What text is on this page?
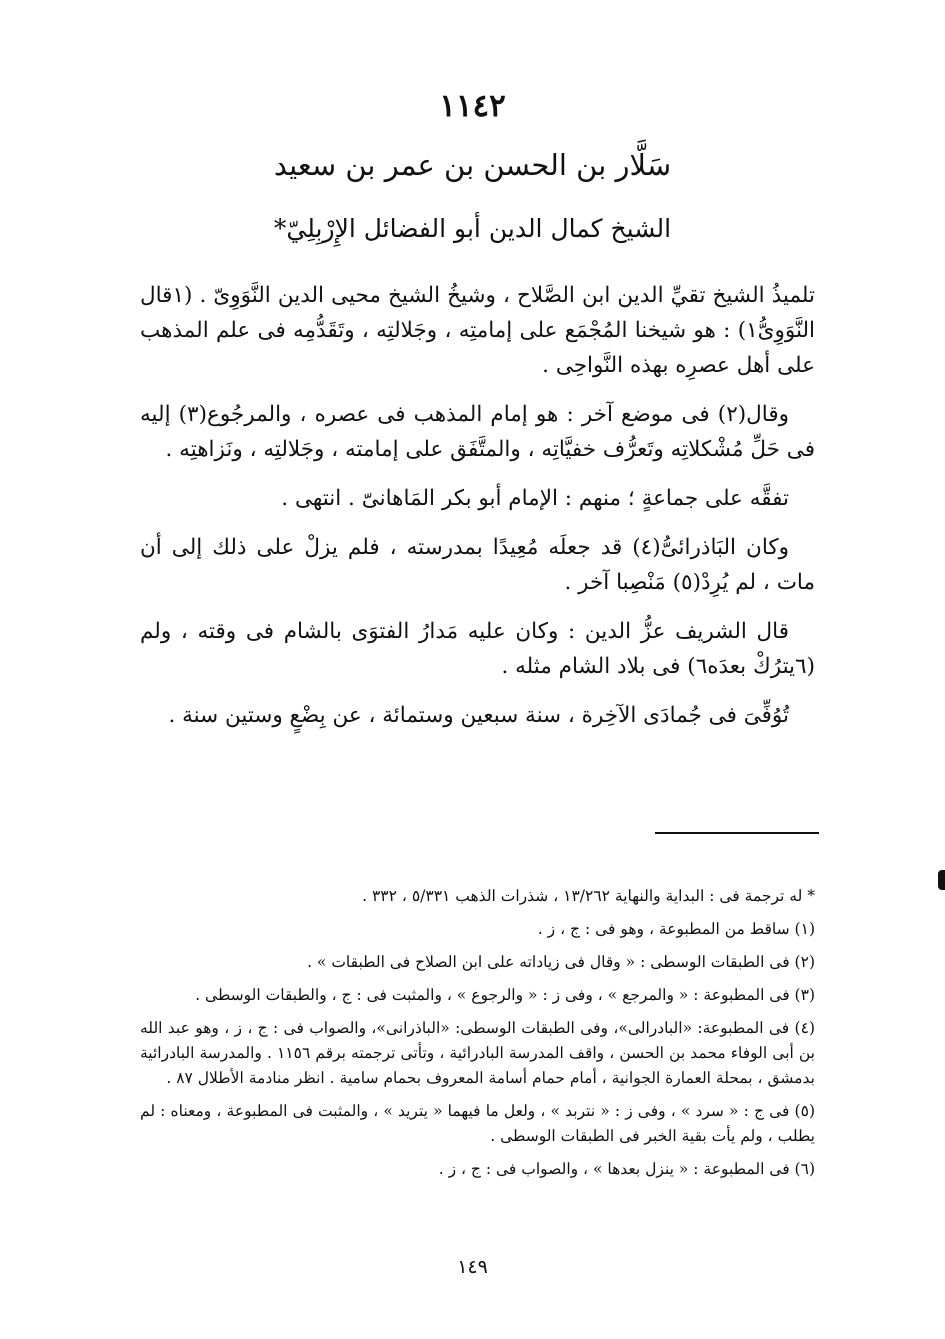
١١٤٢
سَلَّار بن الحسن بن عمر بن سعيد
الشيخ كمال الدين أبو الفضائل الإِرْبِلِيّ*

تلميذُ الشيخ تقيِّ الدين ابن الصَّلاح ، وشيخُ الشيخ محيى الدين النَّوَوِىّ . (١قال النَّوَوِىُّ١) : هو شيخنا المُجْمَع على إمامتِه ، وجَلالتِه ، وتَقَدُّمِه فى علم المذهب على أهل عصرِه بهذه النَّواحِى .

وقال(٢) فى موضع آخر : هو إمام المذهب فى عصره ، والمرجُوع(٣) إليه فى حَلِّ مُشْكلاتِه وتَعرُّف خفيَّاتِه ، والمتَّفَق على إمامته ، وجَلالتِه ، ونَزاهتِه .

تفقَّه على جماعةٍ ؛ منهم : الإمام أبو بكر المَاهانىّ . انتهى .

وكان البَاذرائىُّ(٤) قد جعلَه مُعِيدًا بمدرسته ، فلم يزلْ على ذلك إلى أن مات ، لم يُرِدْ(٥) مَنْصِبا آخر .

قال الشريف عزُّ الدين : وكان عليه مَدارُ الفتوَى بالشام فى وقته ، ولم (٦يترُكْ بعدَه٦) فى بلاد الشام مثله .

تُوُفِّىَ فى جُمادَى الآخِرة ، سنة سبعين وستمائة ، عن بِضْعٍ وستين سنة .

* له ترجمة فى : البداية والنهاية ١٣/٢٦٢ ، شذرات الذهب ٥/٣٣١ ، ٣٣٢ .

(١) ساقط من المطبوعة ، وهو فى : ج ، ز .

(٢) فى الطبقات الوسطى : « وقال فى زياداته على ابن الصلاح فى الطبقات » .

(٣) فى المطبوعة : « والمرجع » ، وفى ز : « والرجوع » ، والمثبت فى : ج ، والطبقات الوسطى .

(٤) فى المطبوعة: «البادرالى»، وفى الطبقات الوسطى: «الباذرانى»، والصواب فى : ج ، ز ، وهو عبد الله بن أبى الوفاء محمد بن الحسن ، واقف المدرسة البادرائية ، وتأتى ترجمته برقم ١١٥٦ . والمدرسة البادرائية بدمشق ، بمحلة العمارة الجوانية ، أمام حمام أسامة المعروف بحمام سامية . انظر منادمة الأطلال ٨٧ .

(٥) فى ج : « سرد » ، وفى ز : « نتربد » ، ولعل ما فيهما « يتريد » ، والمثبت فى المطبوعة ، ومعناه : لم يطلب ، ولم يأت بقية الخبر فى الطبقات الوسطى .

(٦) فى المطبوعة : « ينزل بعدها » ، والصواب فى : ج ، ز .

١٤٩
